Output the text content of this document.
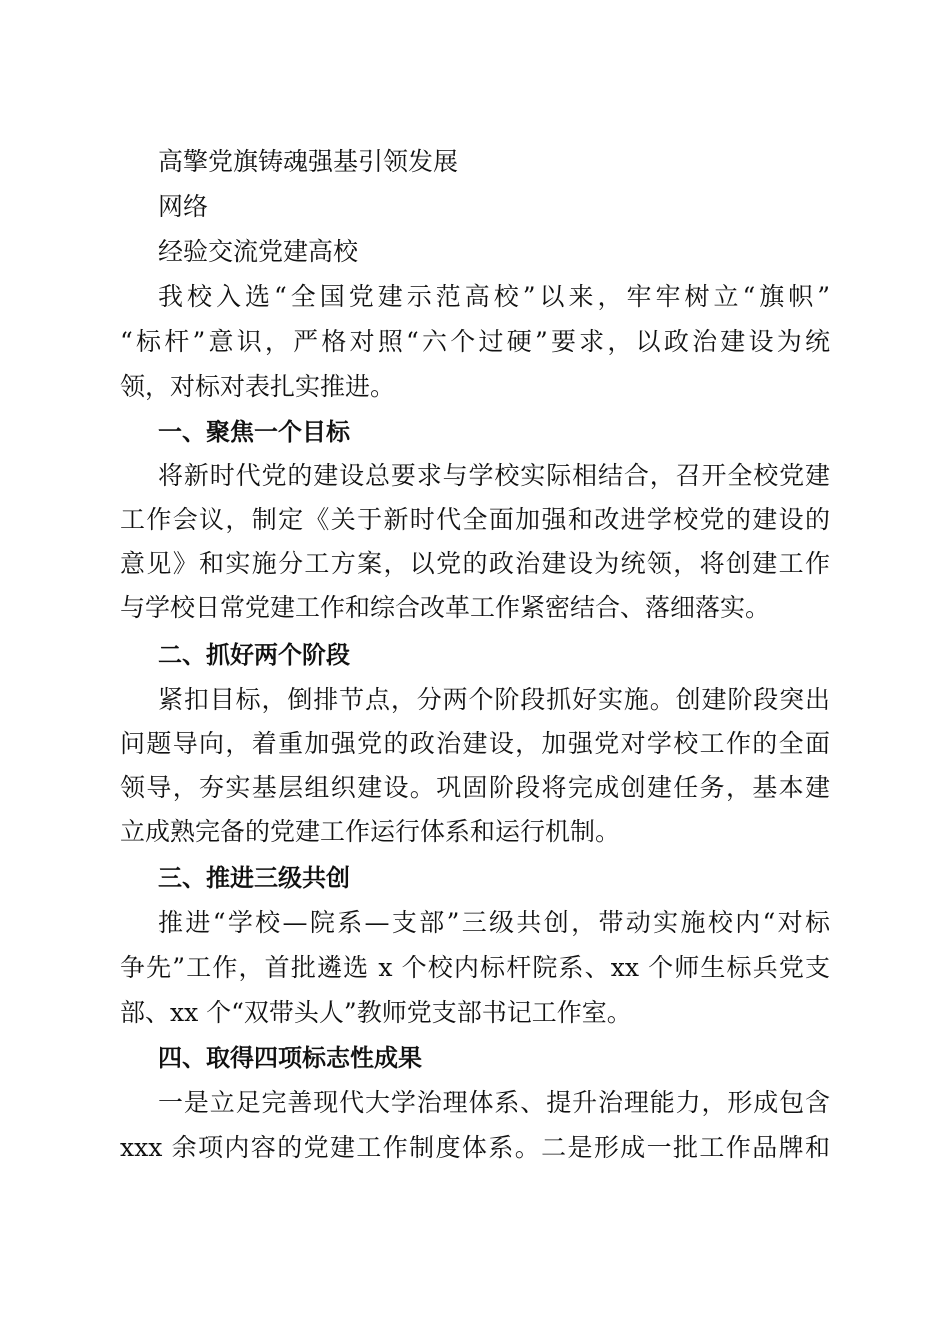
高擎党旗铸魂强基引领发展
网络
经验交流党建高校
我校入选“全国党建示范高校”以来，牢牢树立“旗帜”
“标杆”意识，严格对照“六个过硬”要求，以政治建设为统
领，对标对表扎实推进。
一、聚焦一个目标
将新时代党的建设总要求与学校实际相结合，召开全校党建
工作会议，制定《关于新时代全面加强和改进学校党的建设的
意见》和实施分工方案，以党的政治建设为统领，将创建工作
与学校日常党建工作和综合改革工作紧密结合、落细落实。
二、抓好两个阶段
紧扣目标，倒排节点，分两个阶段抓好实施。创建阶段突出
问题导向，着重加强党的政治建设，加强党对学校工作的全面
领导，夯实基层组织建设。巩固阶段将完成创建任务，基本建
立成熟完备的党建工作运行体系和运行机制。
三、推进三级共创
推进“学校—院系—支部”三级共创，带动实施校内“对标
争先”工作，首批遴选 x 个校内标杆院系、xx 个师生标兵党支
部、xx 个“双带头人”教师党支部书记工作室。
四、取得四项标志性成果
一是立足完善现代大学治理体系、提升治理能力，形成包含
xxx 余项内容的党建工作制度体系。二是形成一批工作品牌和
